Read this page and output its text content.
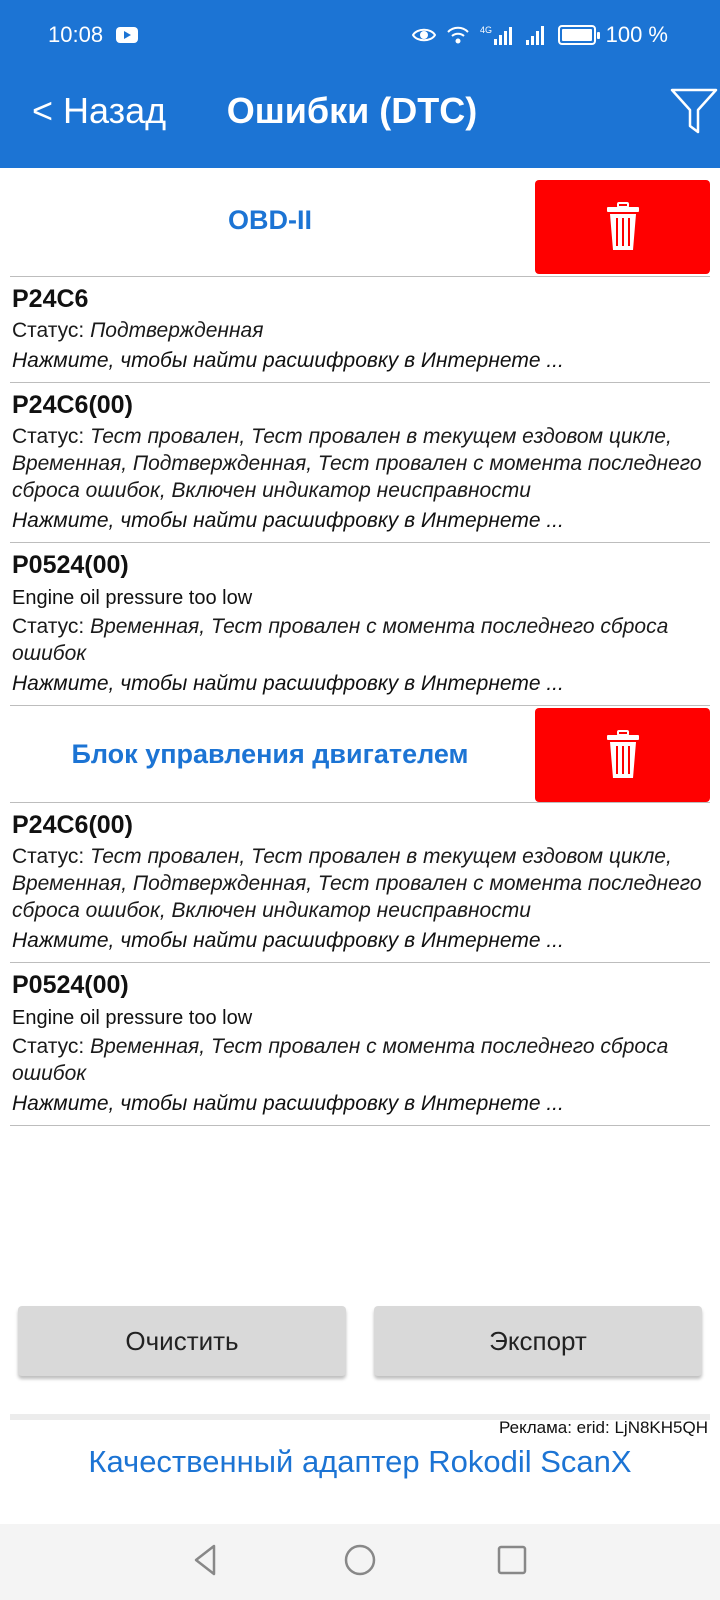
10:08	4G	100 %
< Назад	Ошибки (DTC)
OBD-II
P24C6
Статус: Подтвержденная
Нажмите, чтобы найти расшифровку в Интернете ...
P24C6(00)
Статус: Тест провален, Тест провален в текущем ездовом цикле, Временная, Подтвержденная, Тест провален с момента последнего сброса ошибок, Включен индикатор неисправности
Нажмите, чтобы найти расшифровку в Интернете ...
P0524(00)
Engine oil pressure too low
Статус: Временная, Тест провален с момента последнего сброса ошибок
Нажмите, чтобы найти расшифровку в Интернете ...
Блок управления двигателем
P24C6(00)
Статус: Тест провален, Тест провален в текущем ездовом цикле, Временная, Подтвержденная, Тест провален с момента последнего сброса ошибок, Включен индикатор неисправности
Нажмите, чтобы найти расшифровку в Интернете ...
P0524(00)
Engine oil pressure too low
Статус: Временная, Тест провален с момента последнего сброса ошибок
Нажмите, чтобы найти расшифровку в Интернете ...
Очистить	Экспорт
Реклама: erid: LjN8KH5QH
Качественный адаптер Rokodil ScanX
